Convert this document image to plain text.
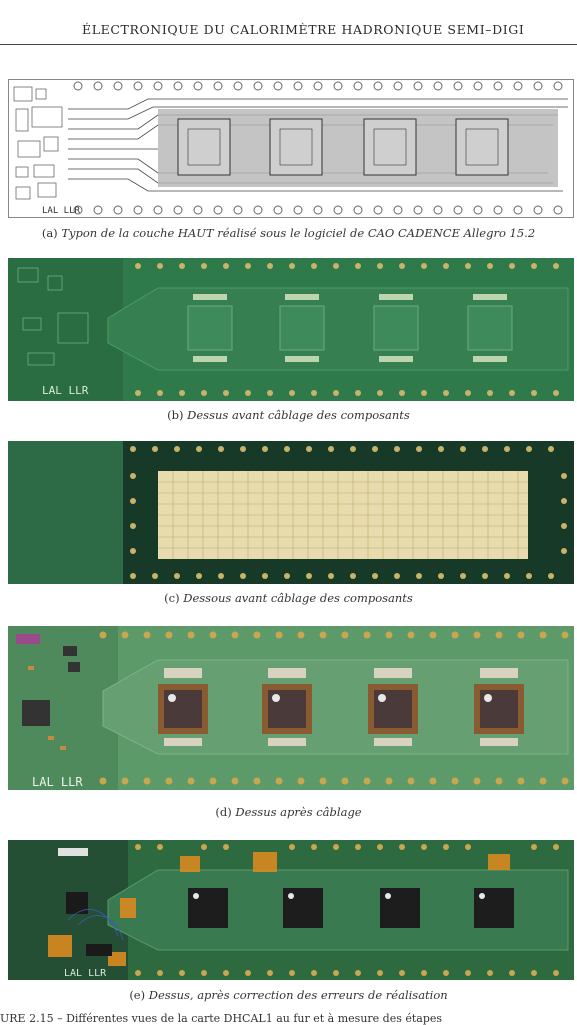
ÉLECTRONIQUE DU CALORIMÈTRE HADRONIQUE SEMI–DIGI
LAL LLR
(a) Typon de la couche HAUT réalisé sous le logiciel de CAO CADENCE Allegro 15.2
LAL LLR
(b) Dessus avant câblage des composants
(c) Dessous avant câblage des composants
LAL LLR
(d) Dessus après câblage
LAL LLR
(e) Dessus, après correction des erreurs de réalisation
URE 2.15 – Différentes vues de la carte DHCAL1 au fur et à mesure des étapes
